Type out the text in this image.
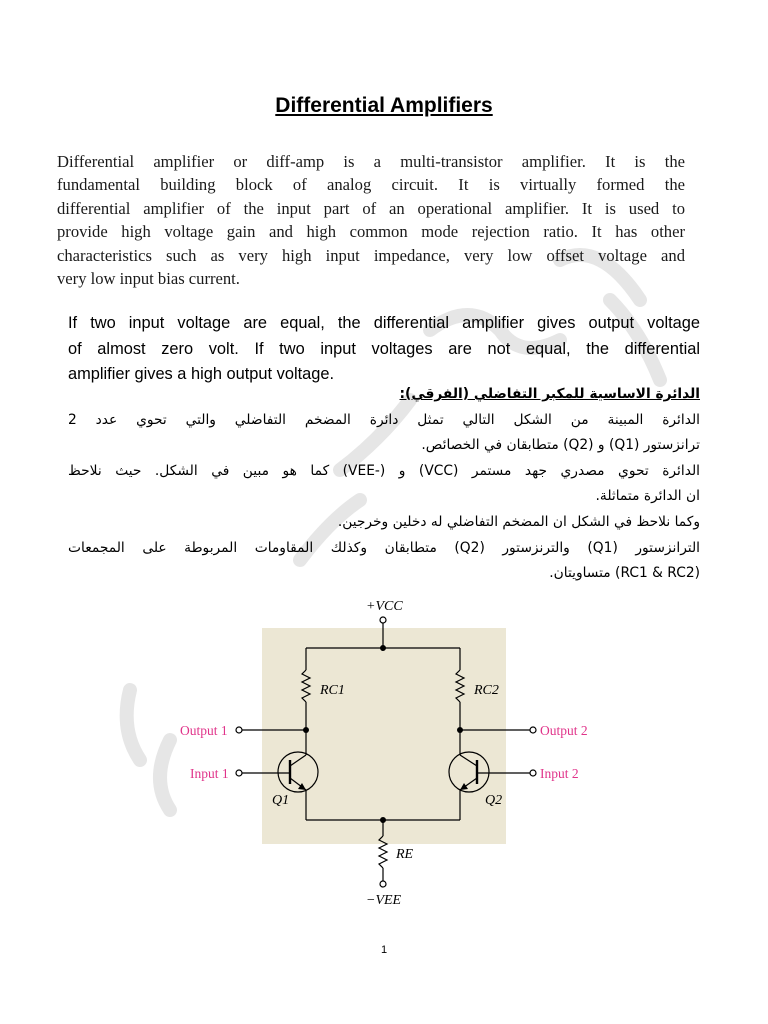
Differential Amplifiers
Differential amplifier or diff-amp is a multi-transistor amplifier. It is the
fundamental building block of analog circuit. It is virtually formed the
differential amplifier of the input part of an operational amplifier. It is used to
provide high voltage gain and high common mode rejection ratio. It has other
characteristics such as very high input impedance, very low offset voltage and
very low input bias current.
If two input voltage are equal, the differential amplifier gives output voltage
of almost zero volt. If two input voltages are not equal, the differential
amplifier gives a high output voltage.
الدائرة الاساسية للمكبر التفاضلي (الفرقي):
الدائرة المبينة من الشكل التالي تمثل دائرة المضخم التفاضلي والتي تحوي عدد 2
ترانزستور (Q1) و (Q2) متطابقان في الخصائص.
الدائرة تحوي مصدري جهد مستمر (VCC) و (-VEE) كما هو مبين في الشكل. حيث نلاحظ
ان الدائرة متماثلة.
وكما نلاحظ في الشكل ان المضخم التفاضلي له دخلين وخرجين.
الترانزستور (Q1) والترنزستور (Q2) متطابقان وكذلك المقاومات المربوطة على المجمعات
(RC1 & RC2) متساويتان.
+VCC
−VEE
RC1	RC2
RE
Q1	Q2
Output 1
Input 1
Output 2
Input 2
1
